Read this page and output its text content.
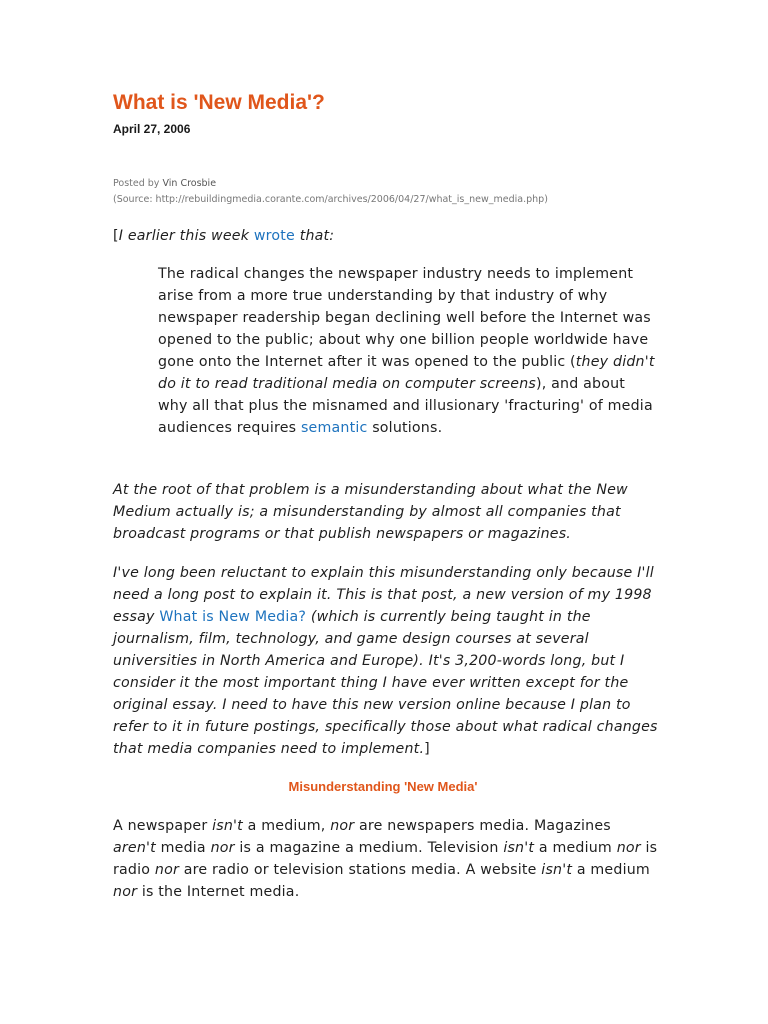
What is 'New Media'?
April 27, 2006
Posted by Vin Crosbie
(Source: http://rebuildingmedia.corante.com/archives/2006/04/27/what_is_new_media.php)
[I earlier this week wrote that:
The radical changes the newspaper industry needs to implement arise from a more true understanding by that industry of why newspaper readership began declining well before the Internet was opened to the public; about why one billion people worldwide have gone onto the Internet after it was opened to the public (they didn't do it to read traditional media on computer screens), and about why all that plus the misnamed and illusionary 'fracturing' of media audiences requires semantic solutions.
At the root of that problem is a misunderstanding about what the New Medium actually is; a misunderstanding by almost all companies that broadcast programs or that publish newspapers or magazines.
I've long been reluctant to explain this misunderstanding only because I'll need a long post to explain it. This is that post, a new version of my 1998 essay What is New Media? (which is currently being taught in the journalism, film, technology, and game design courses at several universities in North America and Europe). It's 3,200-words long, but I consider it the most important thing I have ever written except for the original essay. I need to have this new version online because I plan to refer to it in future postings, specifically those about what radical changes that media companies need to implement.]
Misunderstanding 'New Media'
A newspaper isn't a medium, nor are newspapers media. Magazines aren't media nor is a magazine a medium. Television isn't a medium nor is radio nor are radio or television stations media. A website isn't a medium nor is the Internet media.
